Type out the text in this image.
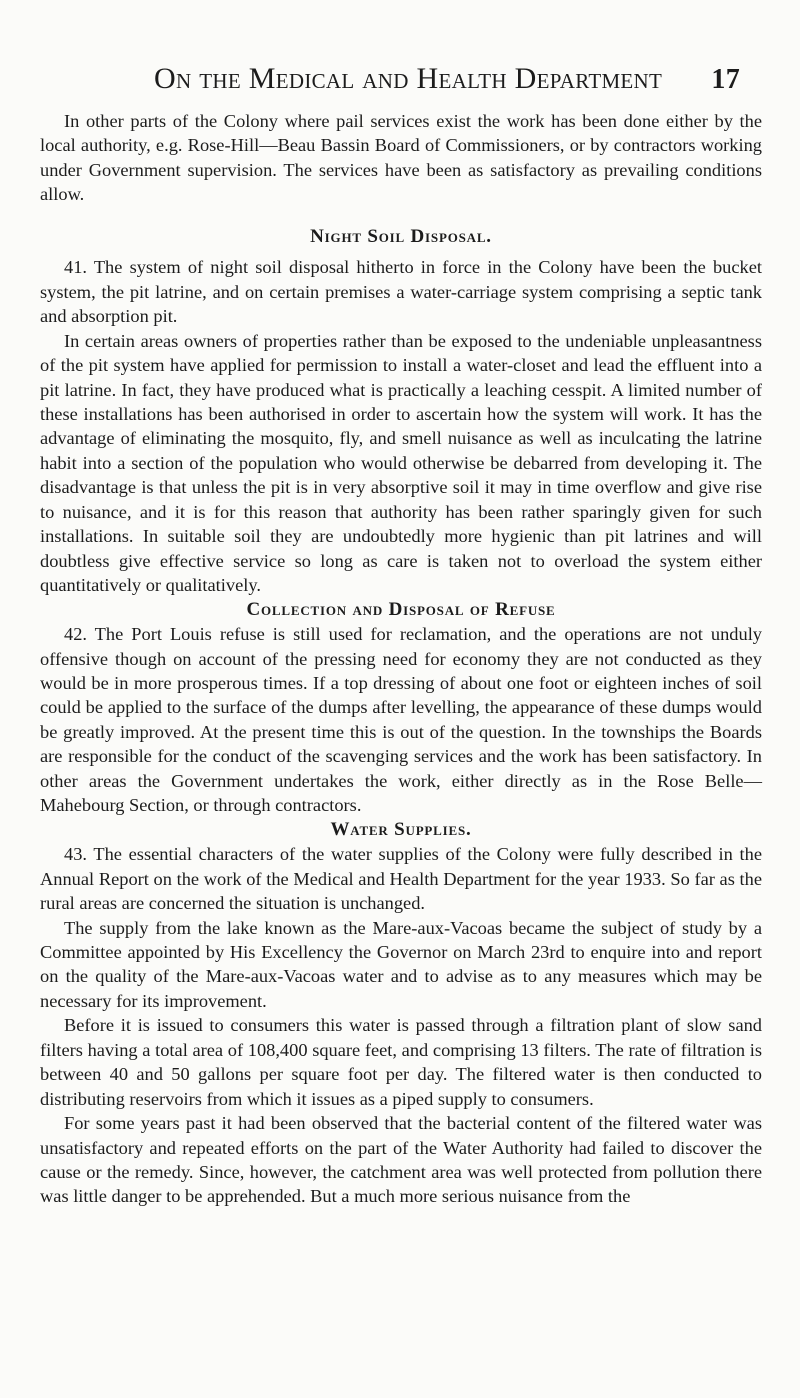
On the Medical and Health Department 17

In other parts of the Colony where pail services exist the work has been done either by the local authority, e.g. Rose-Hill—Beau Bassin Board of Commissioners, or by contractors working under Government supervision. The services have been as satisfactory as prevailing conditions allow.

Night Soil Disposal.

41. The system of night soil disposal hitherto in force in the Colony have been the bucket system, the pit latrine, and on certain premises a water-carriage system comprising a septic tank and absorption pit.

In certain areas owners of properties rather than be exposed to the undeniable unpleasantness of the pit system have applied for permission to install a water-closet and lead the effluent into a pit latrine. In fact, they have produced what is practically a leaching cesspit. A limited number of these installations has been authorised in order to ascertain how the system will work. It has the advantage of eliminating the mosquito, fly, and smell nuisance as well as inculcating the latrine habit into a section of the population who would otherwise be debarred from developing it. The disadvantage is that unless the pit is in very absorptive soil it may in time overflow and give rise to nuisance, and it is for this reason that authority has been rather sparingly given for such installations. In suitable soil they are undoubtedly more hygienic than pit latrines and will doubtless give effective service so long as care is taken not to overload the system either quantitatively or qualitatively.

Collection and Disposal of Refuse

42. The Port Louis refuse is still used for reclamation, and the operations are not unduly offensive though on account of the pressing need for economy they are not conducted as they would be in more prosperous times. If a top dressing of about one foot or eighteen inches of soil could be applied to the surface of the dumps after levelling, the appearance of these dumps would be greatly improved. At the present time this is out of the question. In the townships the Boards are responsible for the conduct of the scavenging services and the work has been satisfactory. In other areas the Government undertakes the work, either directly as in the Rose Belle—Mahebourg Section, or through contractors.

Water Supplies.

43. The essential characters of the water supplies of the Colony were fully described in the Annual Report on the work of the Medical and Health Department for the year 1933. So far as the rural areas are concerned the situation is unchanged.

The supply from the lake known as the Mare-aux-Vacoas became the subject of study by a Committee appointed by His Excellency the Governor on March 23rd to enquire into and report on the quality of the Mare-aux-Vacoas water and to advise as to any measures which may be necessary for its improvement.

Before it is issued to consumers this water is passed through a filtration plant of slow sand filters having a total area of 108,400 square feet, and comprising 13 filters. The rate of filtration is between 40 and 50 gallons per square foot per day. The filtered water is then conducted to distributing reservoirs from which it issues as a piped supply to consumers.

For some years past it had been observed that the bacterial content of the filtered water was unsatisfactory and repeated efforts on the part of the Water Authority had failed to discover the cause or the remedy. Since, however, the catchment area was well protected from pollution there was little danger to be apprehended. But a much more serious nuisance from the
